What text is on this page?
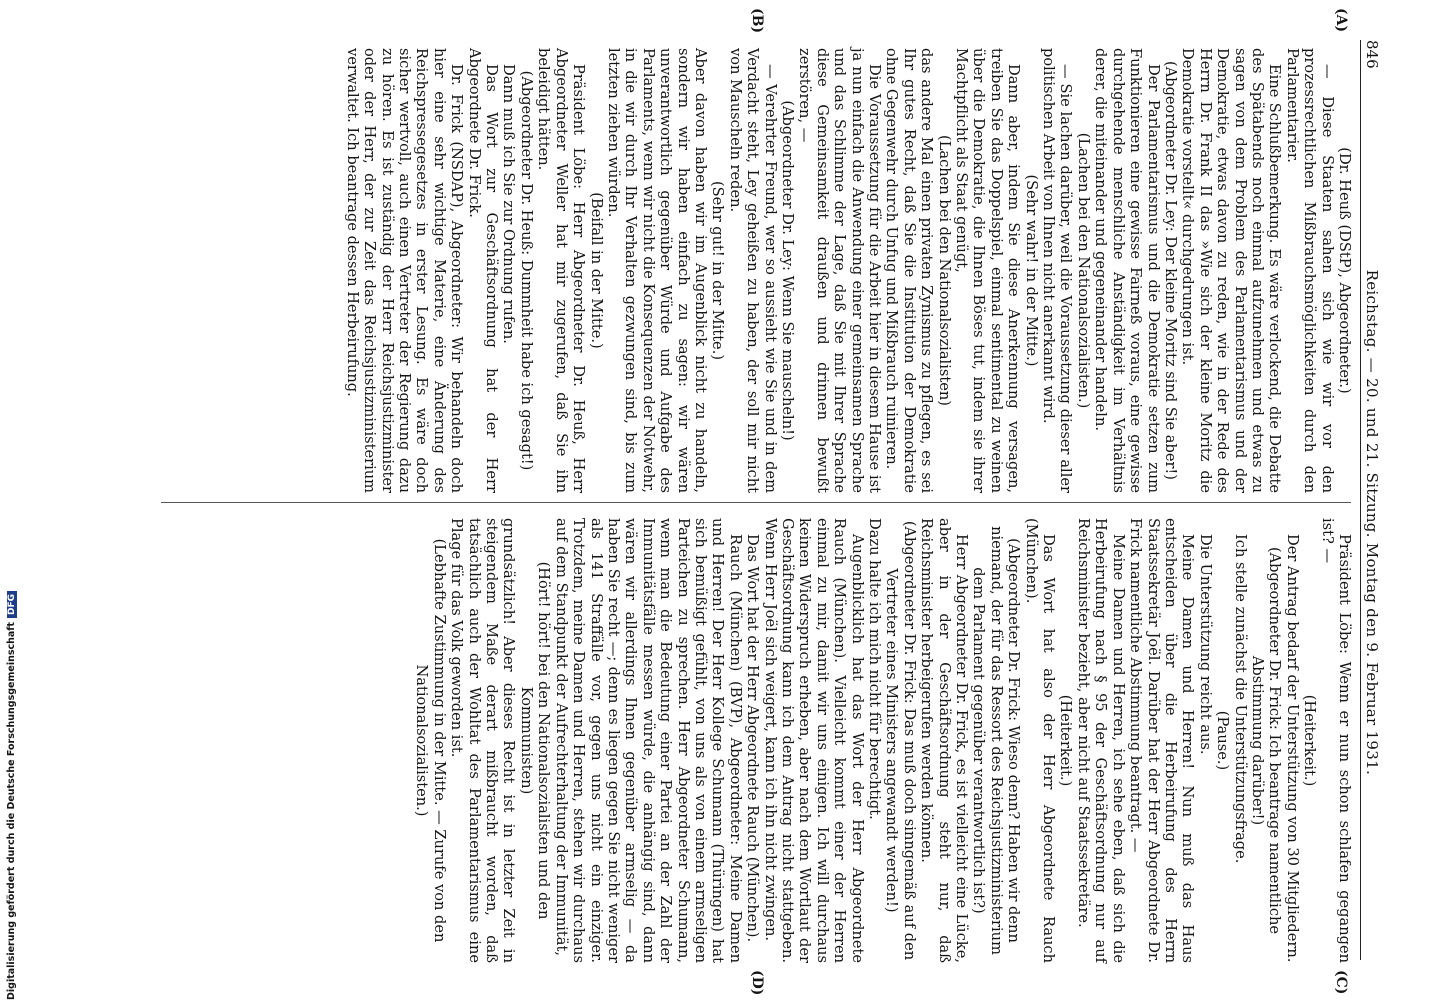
846
Reichstag. — 20. und 21. Sitzung. Montag den 9. Februar 1931.
(A)
(B)
(C)
(D)

(Dr. Heuß (DStP), Abgeordneter.)

— Diese Staaten sahen sich wie wir vor den prozessrechtlichen Mißbrauchsmöglichkeiten durch den Parlamentarier.

Eine Schlußbemerkung. Es wäre verlockend, die Debatte des Spätabends noch einmal aufzunehmen und etwas zu sagen von dem Problem des Parlamentarismus und der Demokratie, etwas davon zu reden, wie in der Rede des Herrn Dr. Frank II das »Wie sich der kleine Moritz die Demokratie vorstellt« durchgedrungen ist.

(Abgeordneter Dr. Ley: Der kleine Moritz sind Sie aber!)

Der Parlamentarismus und die Demokratie setzen zum Funktionieren eine gewisse Fairneß voraus, eine gewisse durchgehende menschliche Anständigkeit im Verhältnis derer, die miteinander und gegeneinander handeln.

(Lachen bei den Nationalsozialisten.)

— Sie lachen darüber, weil die Voraussetzung dieser aller politischen Arbeit von Ihnen nicht anerkannt wird.

(Sehr wahr! in der Mitte.)

Dann aber, indem Sie diese Anerkennung versagen, treiben Sie das Doppelspiel, einmal sentimental zu weinen über die Demokratie, die Ihnen Böses tut, indem sie ihrer Machtpflicht als Staat genügt,

(Lachen bei den Nationalsozialisten)

das andere Mal einen privaten Zynismus zu pflegen, es sei Ihr gutes Recht, daß Sie die Institution der Demokratie ohne Gegenwehr durch Unfug und Mißbrauch ruinieren.

Die Voraussetzung für die Arbeit hier in diesem Hause ist ja nun einfach die Anwendung einer gemeinsamen Sprache und das Schlimme der Lage, daß Sie mit Ihrer Sprache diese Gemeinsamkeit draußen und drinnen bewußt zerstören, —

(Abgeordneter Dr. Ley: Wenn Sie mauscheln!)

— Verehrter Freund, wer so aussieht wie Sie und in dem Verdacht steht, Ley geheißen zu haben, der soll mir nicht von Mauscheln reden.

(Sehr gut! in der Mitte.)

Aber davon haben wir im Augenblick nicht zu handeln, sondern wir haben einfach zu sagen: wir wären unverantwortlich gegenüber Würde und Aufgabe des Parlaments, wenn wir nicht die Konsequenzen der Notwehr, in die wir durch Ihr Verhalten gezwungen sind, bis zum letzten ziehen würden.

(Beifall in der Mitte.)

Präsident Löbe: Herr Abgeordneter Dr. Heuß, Herr Abgeordneter Weller hat mir zugerufen, daß Sie ihn beleidigt hätten.

(Abgeordneter Dr. Heuß: Dummheit habe ich gesagt!)

Dann muß ich Sie zur Ordnung rufen.

Das Wort zur Geschäftsordnung hat der Herr Abgeordnete Dr. Frick.

Dr. Frick (NSDAP), Abgeordneter: Wir behandeln doch hier eine sehr wichtige Materie, eine Änderung des Reichspressegesetzes in erster Lesung. Es wäre doch sicher wertvoll, auch einen Vertreter der Regierung dazu zu hören. Es ist zuständig der Herr Reichsjustizminister oder der Herr, der zur Zeit das Reichsjustizministerium verwaltet. Ich beantrage dessen Herbeirufung.

Präsident Löbe: Wenn er nun schon schlafen gegangen ist? —

(Heiterkeit.)

Der Antrag bedarf der Unterstützung von 30 Mitgliedern.

(Abgeordneter Dr. Frick: Ich beantrage namentliche Abstimmung darüber!)

Ich stelle zunächst die Unterstützungsfrage.

(Pause.)

Die Unterstützung reicht aus.

Meine Damen und Herren! Nun muß das Haus entscheiden über die Herbeirufung des Herrn Staatssekretär Joël. Darüber hat der Herr Abgeordnete Dr. Frick namentliche Abstimmung beantragt. —

Meine Damen und Herren, ich sehe eben, daß sich die Herbeirufung nach § 95 der Geschäftsordnung nur auf Reichsminister bezieht, aber nicht auf Staatssekretäre.

(Heiterkeit.)

Das Wort hat also der Herr Abgeordnete Rauch (München).

(Abgeordneter Dr. Frick: Wieso denn? Haben wir denn niemand, der für das Ressort des Reichsjustizministerium dem Parlament gegenüber verantwortlich ist?)

Herr Abgeordneter Dr. Frick, es ist vielleicht eine Lücke, aber in der Geschäftsordnung steht nur, daß Reichsminister herbeigerufen werden können.

(Abgeordneter Dr. Frick: Das muß doch sinngemäß auf den Vertreter eines Ministers angewandt werden!)

Dazu halte ich mich nicht für berechtigt.

Augenblicklich hat das Wort der Herr Abgeordnete Rauch (München). Vielleicht kommt einer der Herren einmal zu mir, damit wir uns einigen. Ich will durchaus keinen Widerspruch erheben, aber nach dem Wortlaut der Geschäftsordnung kann ich dem Antrag nicht stattgeben. Wenn Herr Joël sich weigert, kann ich ihn nicht zwingen.

Das Wort hat der Herr Abgeordnete Rauch (München).

Rauch (München) (BVP), Abgeordneter: Meine Damen und Herren! Der Herr Kollege Schumann (Thüringen) hat sich bemüßigt gefühlt, von uns als von einem armseligen Parteichen zu sprechen. Herr Abgeordneter Schumann, wenn man die Bedeutung einer Partei an der Zahl der Immunitätsfälle messen würde, die anhängig sind, dann wären wir allerdings Ihnen gegenüber armselig — da haben Sie recht —; denn es liegen gegen Sie nicht weniger als 141 Straffälle vor, gegen uns nicht ein einziger. Trotzdem, meine Damen und Herren, stehen wir durchaus auf dem Standpunkt der Aufrechterhaltung der Immunität,

(Hört! hört! bei den Nationalsozialisten und den Kommunisten)

grundsätzlich! Aber dieses Recht ist in letzter Zeit in steigendem Maße derart mißbraucht worden, daß tatsächlich auch der Wohltat des Parlamentarismus eine Plage für das Volk geworden ist.

(Lebhafte Zustimmung in der Mitte. — Zurufe von den Nationalsozialisten.)

Digitalisierung gefördert durch die Deutsche Forschungsgemeinschaft
DFG
